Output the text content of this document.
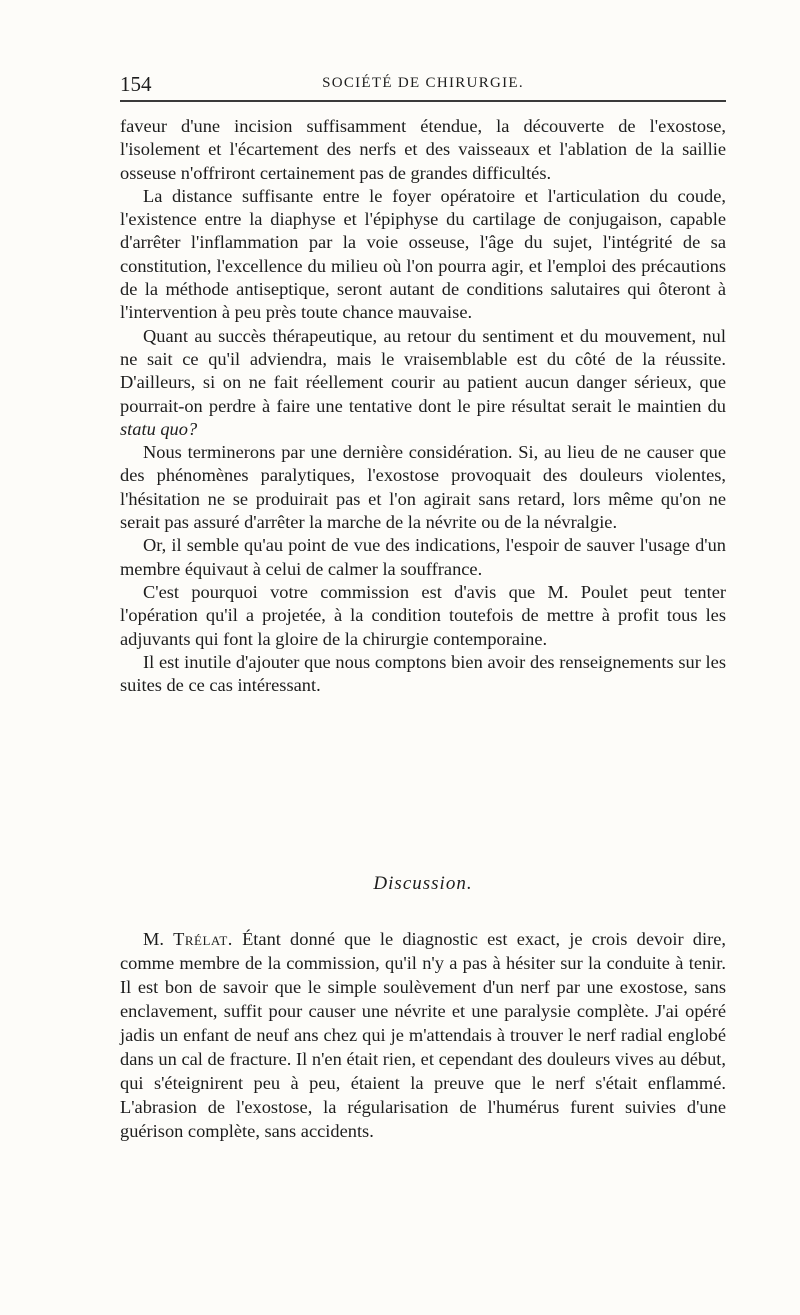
154	SOCIÉTÉ DE CHIRURGIE.

faveur d'une incision suffisamment étendue, la découverte de l'exostose, l'isolement et l'écartement des nerfs et des vaisseaux et l'ablation de la saillie osseuse n'offriront certainement pas de grandes difficultés.

La distance suffisante entre le foyer opératoire et l'articulation du coude, l'existence entre la diaphyse et l'épiphyse du cartilage de conjugaison, capable d'arrêter l'inflammation par la voie osseuse, l'âge du sujet, l'intégrité de sa constitution, l'excellence du milieu où l'on pourra agir, et l'emploi des précautions de la méthode antiseptique, seront autant de conditions salutaires qui ôteront à l'intervention à peu près toute chance mauvaise.

Quant au succès thérapeutique, au retour du sentiment et du mouvement, nul ne sait ce qu'il adviendra, mais le vraisemblable est du côté de la réussite. D'ailleurs, si on ne fait réellement courir au patient aucun danger sérieux, que pourrait-on perdre à faire une tentative dont le pire résultat serait le maintien du statu quo?

Nous terminerons par une dernière considération. Si, au lieu de ne causer que des phénomènes paralytiques, l'exostose provoquait des douleurs violentes, l'hésitation ne se produirait pas et l'on agirait sans retard, lors même qu'on ne serait pas assuré d'arrêter la marche de la névrite ou de la névralgie.

Or, il semble qu'au point de vue des indications, l'espoir de sauver l'usage d'un membre équivaut à celui de calmer la souffrance.

C'est pourquoi votre commission est d'avis que M. Poulet peut tenter l'opération qu'il a projetée, à la condition toutefois de mettre à profit tous les adjuvants qui font la gloire de la chirurgie contemporaine.

Il est inutile d'ajouter que nous comptons bien avoir des renseignements sur les suites de ce cas intéressant.

Discussion.

M. Trélat. Étant donné que le diagnostic est exact, je crois devoir dire, comme membre de la commission, qu'il n'y a pas à hésiter sur la conduite à tenir. Il est bon de savoir que le simple soulèvement d'un nerf par une exostose, sans enclavement, suffit pour causer une névrite et une paralysie complète. J'ai opéré jadis un enfant de neuf ans chez qui je m'attendais à trouver le nerf radial englobé dans un cal de fracture. Il n'en était rien, et cependant des douleurs vives au début, qui s'éteignirent peu à peu, étaient la preuve que le nerf s'était enflammé. L'abrasion de l'exostose, la régularisation de l'humérus furent suivies d'une guérison complète, sans accidents.
